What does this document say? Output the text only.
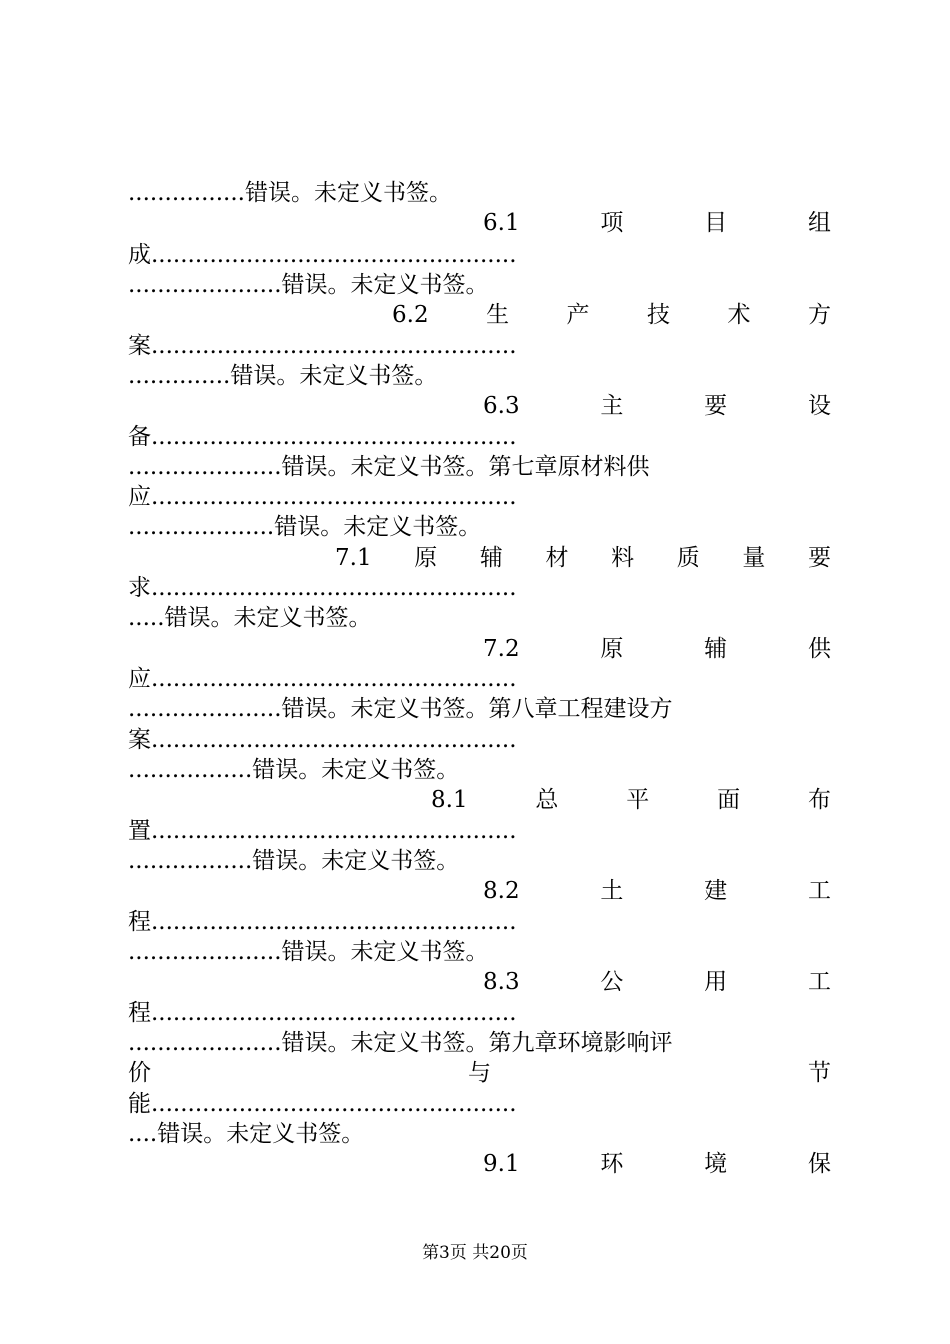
................错误。未定义书签。
6.1	项	目	组
成..................................................
.....................错误。未定义书签。
6.2 生 产 技 术 方
案..................................................
..............错误。未定义书签。
6.3	主	要	设
备..................................................
.....................错误。未定义书签。第七章原材料供
应..................................................
....................错误。未定义书签。
7.1 原 辅 材 料 质 量 要
求..................................................
.....错误。未定义书签。
7.2	原	辅	供
应..................................................
.....................错误。未定义书签。第八章工程建设方
案..................................................
.................错误。未定义书签。
8.1	总	平	面	布
置..................................................
.................错误。未定义书签。
8.2	土	建	工
程..................................................
.....................错误。未定义书签。
8.3	公	用	工
程..................................................
.....................错误。未定义书签。第九章环境影响评
价	与	节
能..................................................
....错误。未定义书签。
9.1	环	境	保
第3页 共20页
